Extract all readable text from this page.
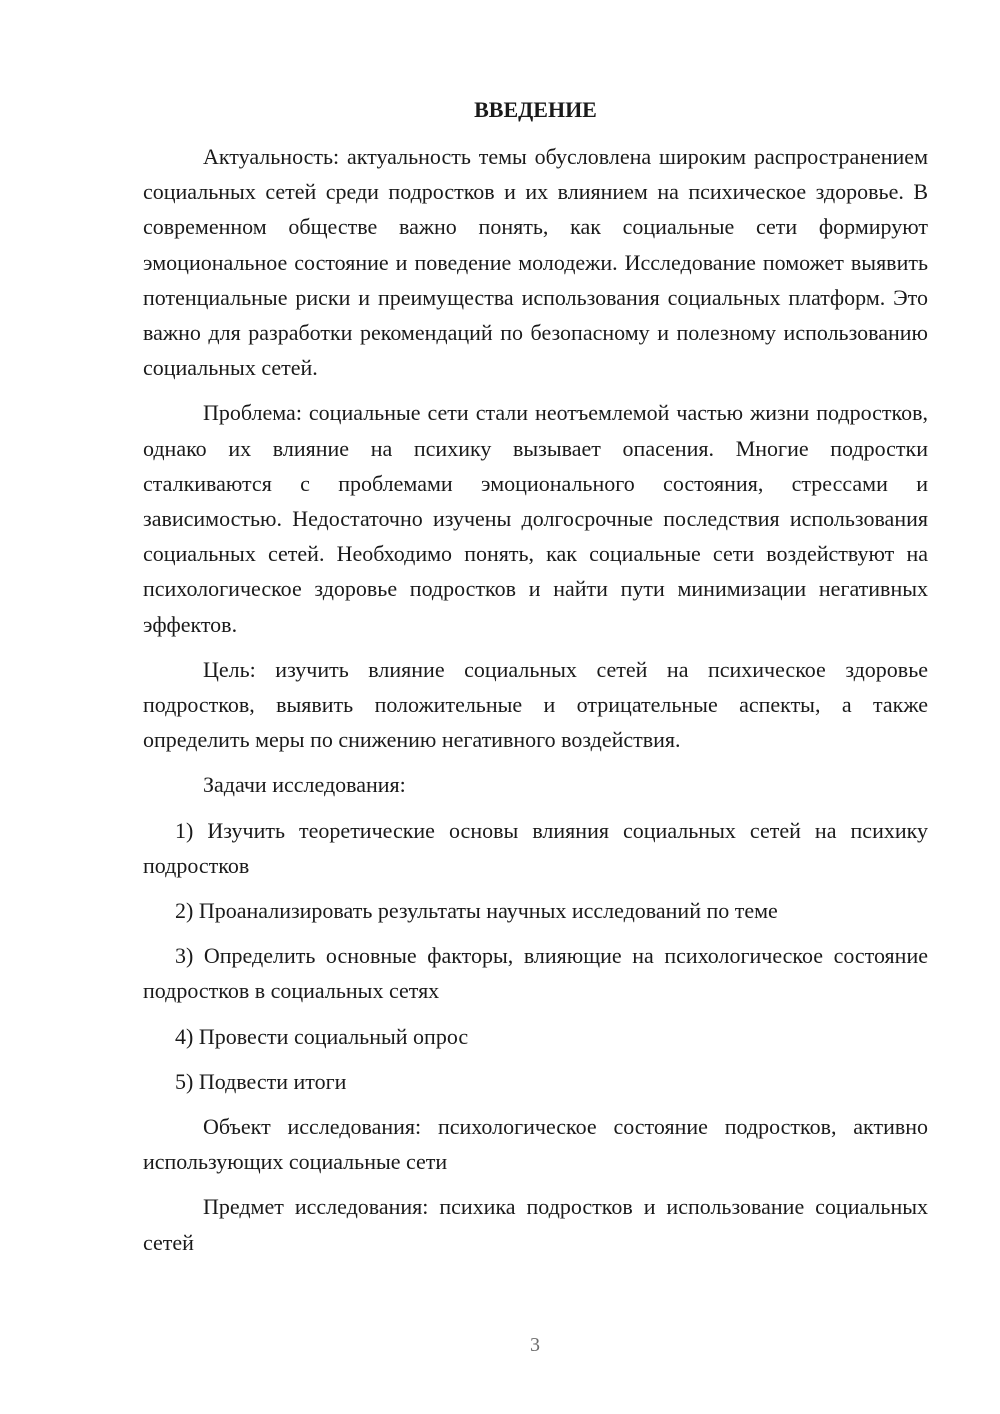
ВВЕДЕНИЕ

Актуальность: актуальность темы обусловлена широким распространением социальных сетей среди подростков и их влиянием на психическое здоровье. В современном обществе важно понять, как социальные сети формируют эмоциональное состояние и поведение молодежи. Исследование поможет выявить потенциальные риски и преимущества использования социальных платформ. Это важно для разработки рекомендаций по безопасному и полезному использованию социальных сетей.

Проблема: социальные сети стали неотъемлемой частью жизни подростков, однако их влияние на психику вызывает опасения. Многие подростки сталкиваются с проблемами эмоционального состояния, стрессами и зависимостью. Недостаточно изучены долгосрочные последствия использования социальных сетей. Необходимо понять, как социальные сети воздействуют на психологическое здоровье подростков и найти пути минимизации негативных эффектов.

Цель: изучить влияние социальных сетей на психическое здоровье подростков, выявить положительные и отрицательные аспекты, а также определить меры по снижению негативного воздействия.

Задачи исследования:

1) Изучить теоретические основы влияния социальных сетей на психику подростков

2) Проанализировать результаты научных исследований по теме

3) Определить основные факторы, влияющие на психологическое состояние подростков в социальных сетях

4) Провести социальный опрос

5) Подвести итоги

Объект исследования: психологическое состояние подростков, активно использующих социальные сети

Предмет исследования: психика подростков и использование социальных сетей

3
